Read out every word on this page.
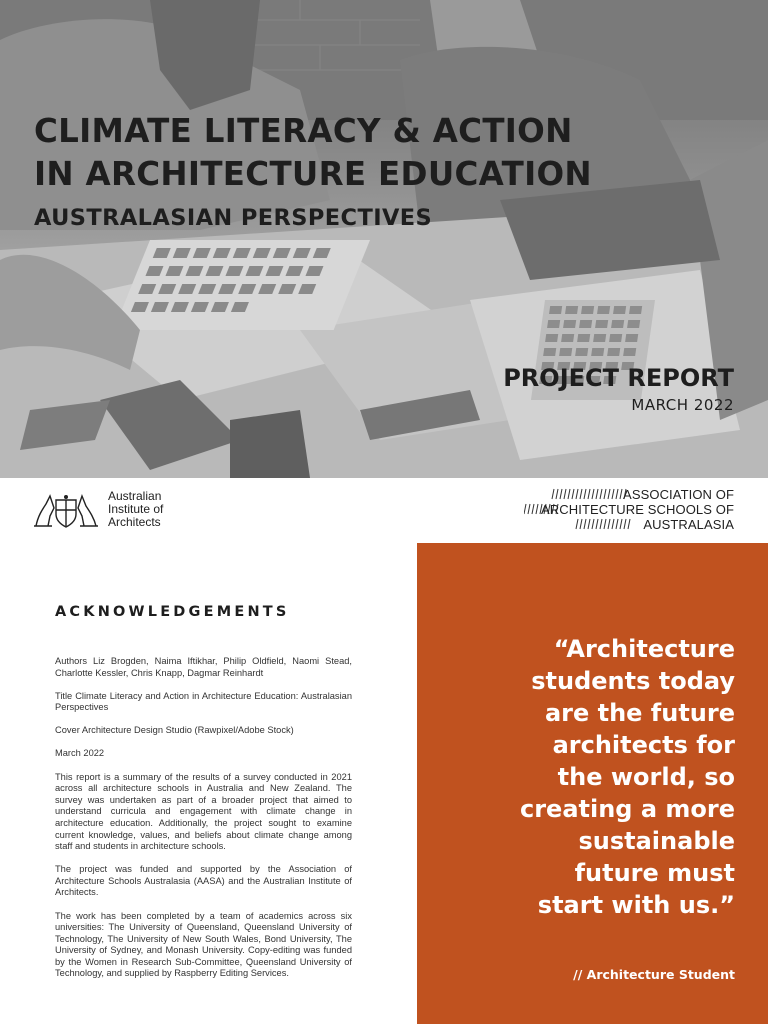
CLIMATE LITERACY & ACTION
IN ARCHITECTURE EDUCATION
AUSTRALASIAN PERSPECTIVES
PROJECT REPORT
MARCH 2022
Australian
Institute of
Architects
ASSOCIATION OF
ARCHITECTURE SCHOOLS OF
AUSTRALASIA
ACKNOWLEDGEMENTS

Authors Liz Brogden, Naima Iftikhar, Philip Oldfield, Naomi Stead, Charlotte Kessler, Chris Knapp, Dagmar Reinhardt

Title Climate Literacy and Action in Architecture Education: Australasian Perspectives

Cover Architecture Design Studio (Rawpixel/Adobe Stock)

March 2022

This report is a summary of the results of a survey conducted in 2021 across all architecture schools in Australia and New Zealand. The survey was undertaken as part of a broader project that aimed to understand curricula and engagement with climate change in architecture education. Additionally, the project sought to examine current knowledge, values, and beliefs about climate change among staff and students in architecture schools.

The project was funded and supported by the Association of Architecture Schools Australasia (AASA) and the Australian Institute of Architects.

The work has been completed by a team of academics across six universities: The University of Queensland, Queensland University of Technology, The University of New South Wales, Bond University, The University of Sydney, and Monash University. Copy-editing was funded by the Women in Research Sub-Committee, Queensland University of Technology, and supplied by Raspberry Editing Services.

“Architecture
students today
are the future
architects for
the world, so
creating a more
sustainable
future must
start with us.”
// Architecture Student
